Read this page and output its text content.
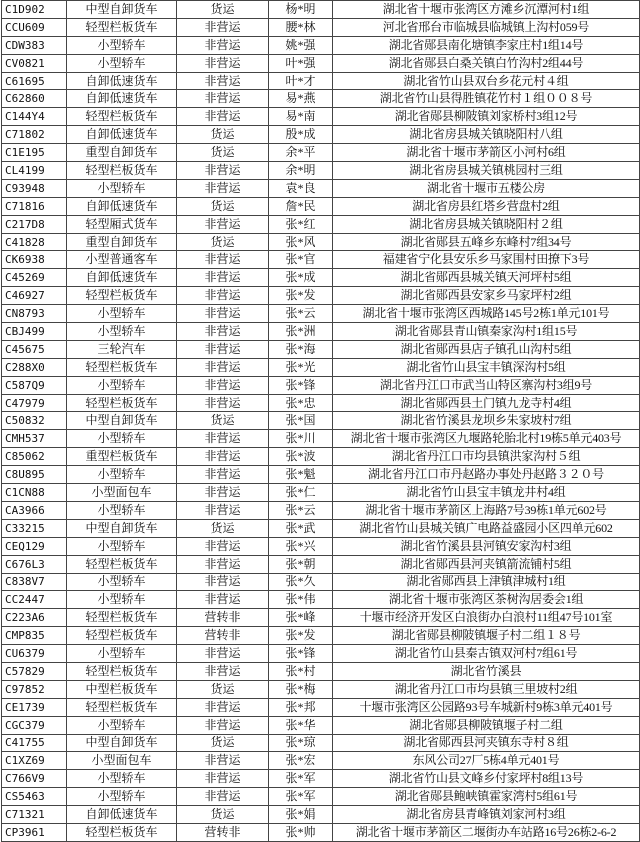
C1D902	中型自卸货车	货运	杨*明	湖北省十堰市张湾区方滩乡沉潭河村1组
CCU609	轻型栏板货车	非营运	腰*林	河北省邢台市临城县临城镇上沟村059号
CDW383	小型轿车	非营运	姚*强	湖北省郧县南化塘镇李家庄村1组14号
CV0821	小型轿车	非营运	叶*强	湖北省郧县白桑关镇白竹沟村2组44号
C61695	自卸低速货车	非营运	叶*才	湖北省竹山县双台乡花元村４组
C62860	自卸低速货车	非营运	易*燕	湖北省竹山县得胜镇花竹村１组００８号
C144Y4	轻型栏板货车	非营运	易*南	湖北省郧县柳陂镇刘家桥村3组12号
C71802	自卸低速货车	货运	殷*成	湖北省房县城关镇晓阳村八组
C1E195	重型自卸货车	货运	余*平	湖北省十堰市茅箭区小河村6组
CL4199	轻型栏板货车	非营运	余*明	湖北省房县城关镇桃园村三组
C93948	小型轿车	非营运	袁*良	湖北省十堰市五楼公房
C71816	自卸低速货车	货运	詹*民	湖北省房县红塔乡营盘村2组
C217D8	轻型厢式货车	非营运	张*红	湖北省房县城关镇晓阳村２组
C41828	重型自卸货车	货运	张*风	湖北省郧县五峰乡东峰村7组34号
CK6938	小型普通客车	非营运	张*官	福建省宁化县安乐乡马家围村田撩下3号
C45269	自卸低速货车	非营运	张*成	湖北省郧西县城关镇天河坪村5组
C46927	轻型栏板货车	非营运	张*发	湖北省郧西县安家乡马家坪村2组
CN8793	小型轿车	非营运	张*云	湖北省十堰市张湾区西城路145号2栋1单元101号
CBJ499	小型轿车	非营运	张*洲	湖北省郧县青山镇秦家沟村1组15号
C45675	三轮汽车	非营运	张*海	湖北省郧西县店子镇孔山沟村5组
C288X0	轻型栏板货车	非营运	张*光	湖北省竹山县宝丰镇深沟村5组
C587Q9	小型轿车	非营运	张*锋	湖北省丹江口市武当山特区寨沟村3组9号
C47979	轻型栏板货车	非营运	张*忠	湖北省郧西县土门镇九龙寺村4组
C50832	中型自卸货车	货运	张*国	湖北省竹溪县龙坝乡朱家坡村7组
CMH537	小型轿车	非营运	张*川	湖北省十堰市张湾区九堰路轮胎北村19栋5单元403号
C85062	重型栏板货车	非营运	张*波	湖北省丹江口市均县镇洪家沟村５组
C8U895	小型轿车	非营运	张*魁	湖北省丹江口市丹赵路办事处丹赵路３２０号
C1CN88	小型面包车	非营运	张*仁	湖北省竹山县宝丰镇龙井村4组
CA3966	小型轿车	非营运	张*云	湖北省十堰市茅箭区上海路7号39栋1单元602号
C33215	中型自卸货车	货运	张*武	湖北省竹山县城关镇广电路益盛园小区四单元602
CEQ129	小型轿车	非营运	张*兴	湖北省竹溪县县河镇安家沟村3组
C676L3	轻型栏板货车	非营运	张*朝	湖北省郧西县河夹镇箭流铺村5组
C838V7	小型轿车	非营运	张*久	湖北省郧西县上津镇津城村1组
CC2447	小型轿车	非营运	张*伟	湖北省十堰市张湾区茶树沟居委会1组
C223A6	轻型栏板货车	营转非	张*峰	十堰市经济开发区白浪街办白浪村11组47号101室
CMP835	轻型栏板货车	营转非	张*发	湖北省郧县柳陂镇堰子村二组１８号
CU6379	小型轿车	非营运	张*锋	湖北省竹山县秦古镇双河村7组61号
C57829	轻型栏板货车	非营运	张*村	湖北省竹溪县
C97852	中型栏板货车	货运	张*梅	湖北省丹江口市均县镇三里坡村2组
CE1739	轻型栏板货车	非营运	张*邦	十堰市张湾区公园路93号车城新村9栋3单元401号
CGC379	小型轿车	非营运	张*华	湖北省郧县柳陂镇堰子村二组
C41755	中型自卸货车	货运	张*琼	湖北省郧西县河夹镇东寺村８组
C1XZ69	小型面包车	非营运	张*宏	东风公司27厂5栋4单元401号
C766V9	小型轿车	非营运	张*军	湖北省竹山县文峰乡付家坪村8组13号
CS5463	小型轿车	非营运	张*军	湖北省郧县鲍峡镇霍家湾村5组61号
C71321	自卸低速货车	货运	张*娟	湖北省房县青峰镇刘家河村3组
CP3961	轻型栏板货车	营转非	张*帅	湖北省十堰市茅箭区二堰街办车站路16号26栋2-6-2
